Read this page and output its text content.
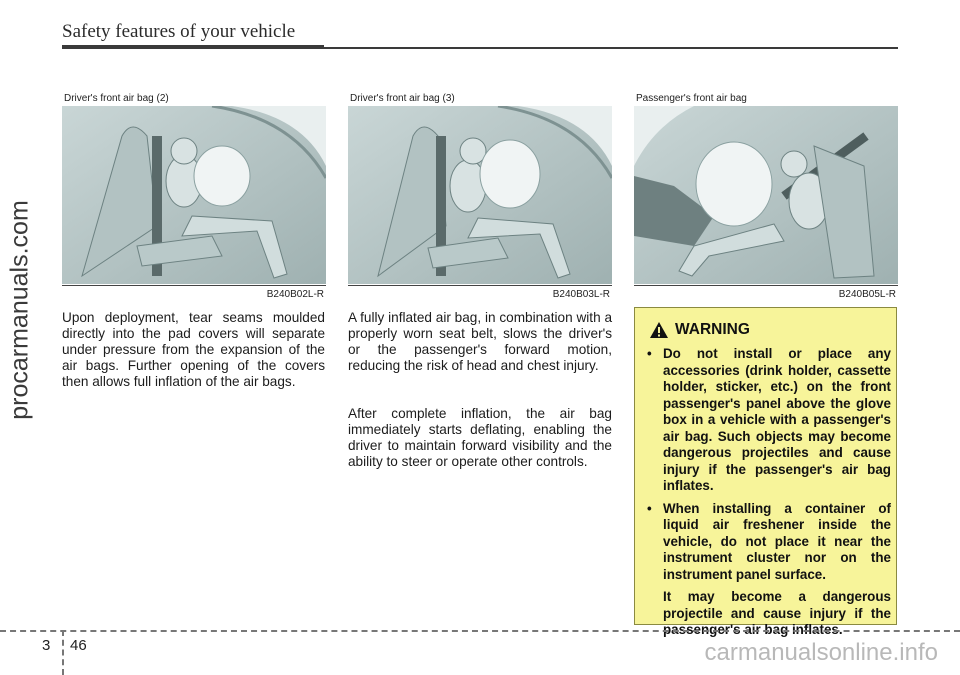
Safety features of your vehicle
Driver's front air bag (2)
B240B02L-R
Driver's front air bag (3)
B240B03L-R
Passenger's front air bag
B240B05L-R

Upon deployment, tear seams moulded directly into the pad covers will separate under pressure from the expansion of the air bags. Further opening of the covers then allows full inflation of the air bags.

A fully inflated air bag, in combination with a properly worn seat belt, slows the driver's or the passenger's forward motion, reducing the risk of head and chest injury.

After complete inflation, the air bag immediately starts deflating, enabling the driver to maintain forward visibility and the ability to steer or operate other controls.

WARNING
• Do not install or place any accessories (drink holder, cassette holder, sticker, etc.) on the front passenger's panel above the glove box in a vehicle with a passenger's air bag. Such objects may become dangerous projectiles and cause injury if the passenger's air bag inflates.
• When installing a container of liquid air freshener inside the vehicle, do not place it near the instrument cluster nor on the instrument panel surface.
It may become a dangerous projectile and cause injury if the passenger's air bag inflates.
procarmanuals.com
3 46	carmanualsonline.info
